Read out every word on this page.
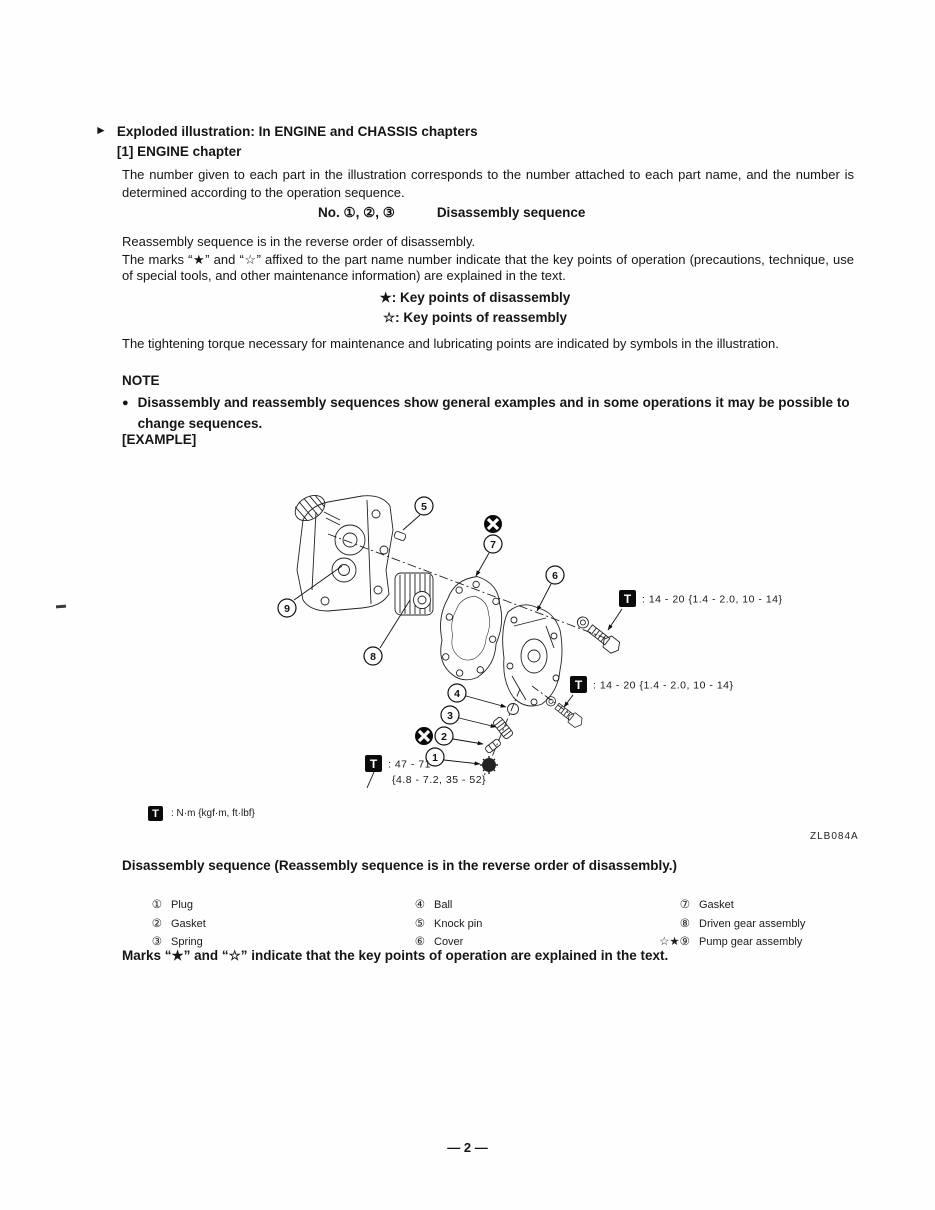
► Exploded illustration: In ENGINE and CHASSIS chapters
[1] ENGINE chapter

The number given to each part in the illustration corresponds to the number attached to each part name, and the number is determined according to the operation sequence.

No. ①, ②, ③	Disassembly sequence

Reassembly sequence is in the reverse order of disassembly.

The marks “★” and “☆” affixed to the part name number indicate that the key points of operation (precautions, technique, use of special tools, and other maintenance information) are explained in the text.

★: Key points of disassembly
☆: Key points of reassembly

The tightening torque necessary for maintenance and lubricating points are indicated by symbols in the illustration.

NOTE
● Disassembly and reassembly sequences show general examples and in some operations it may be possible to change sequences.
[EXAMPLE]
5
7
6
9
8
4
3
2
1
T : 14 - 20 {1.4 - 2.0, 10 - 14}
T : 14 - 20 {1.4 - 2.0, 10 - 14}
T : 47 - 71
{4.8 - 7.2, 35 - 52}
T	: N·m {kgf·m, ft·lbf}
ZLB084A
Disassembly sequence (Reassembly sequence is in the reverse order of disassembly.)
① Plug
② Gasket
③ Spring
④ Ball
⑤ Knock pin
⑥ Cover
⑦ Gasket
⑧ Driven gear assembly
☆★⑨ Pump gear assembly
Marks “★” and “☆” indicate that the key points of operation are explained in the text.
— 2 —
